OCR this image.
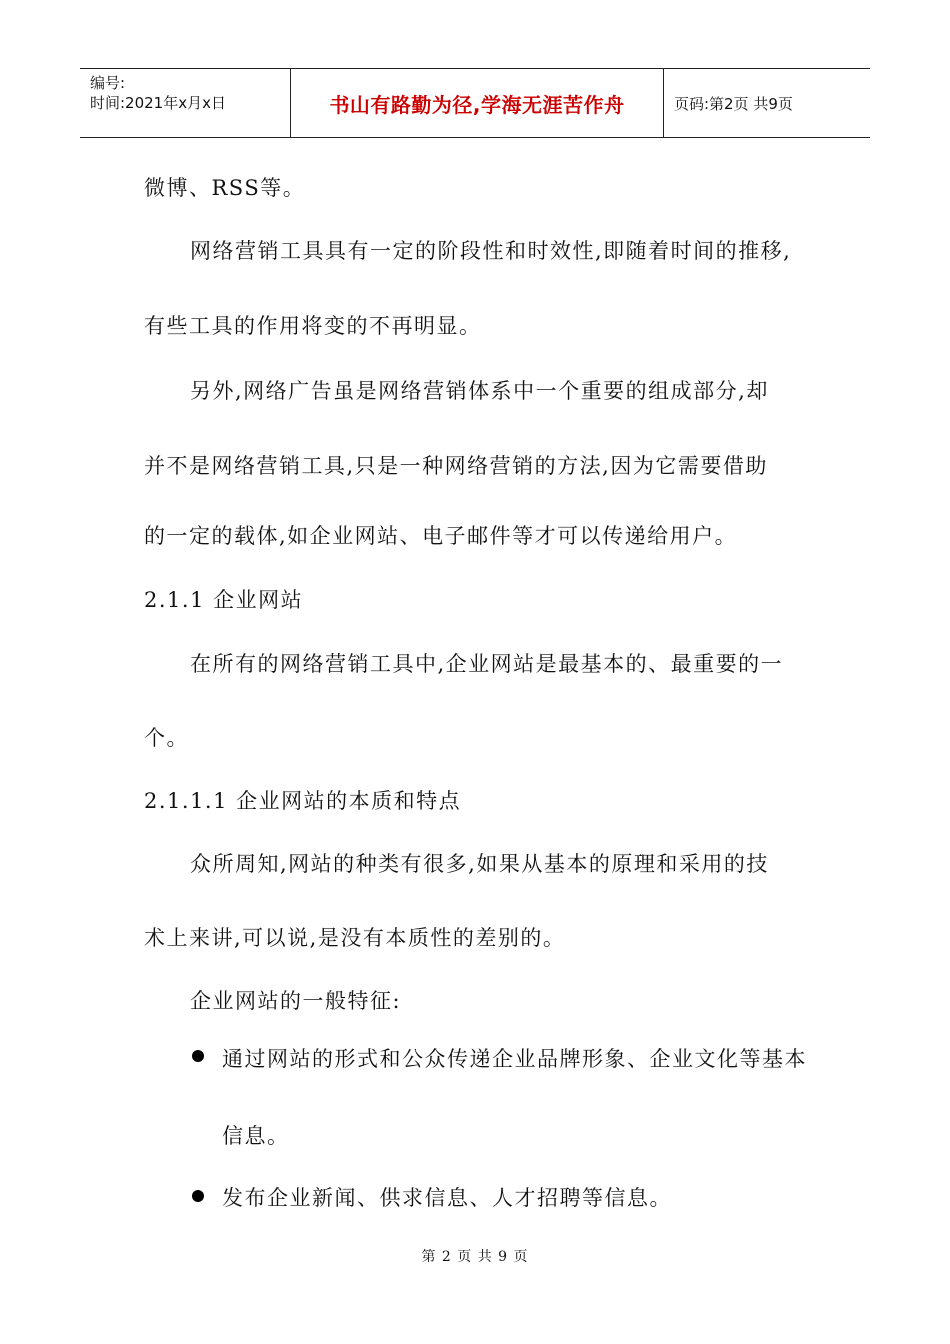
编号:
时间:2021年x月x日	书山有路勤为径,学海无涯苦作舟	页码:第2页 共9页
微博、RSS等。
网络营销工具具有一定的阶段性和时效性,即随着时间的推移,
有些工具的作用将变的不再明显。
另外,网络广告虽是网络营销体系中一个重要的组成部分,却
并不是网络营销工具,只是一种网络营销的方法,因为它需要借助
的一定的载体,如企业网站、电子邮件等才可以传递给用户。
2.1.1 企业网站
在所有的网络营销工具中,企业网站是最基本的、最重要的一
个。
2.1.1.1 企业网站的本质和特点
众所周知,网站的种类有很多,如果从基本的原理和采用的技
术上来讲,可以说,是没有本质性的差别的。
企业网站的一般特征:
通过网站的形式和公众传递企业品牌形象、企业文化等基本
信息。
发布企业新闻、供求信息、人才招聘等信息。
第 2 页 共 9 页
